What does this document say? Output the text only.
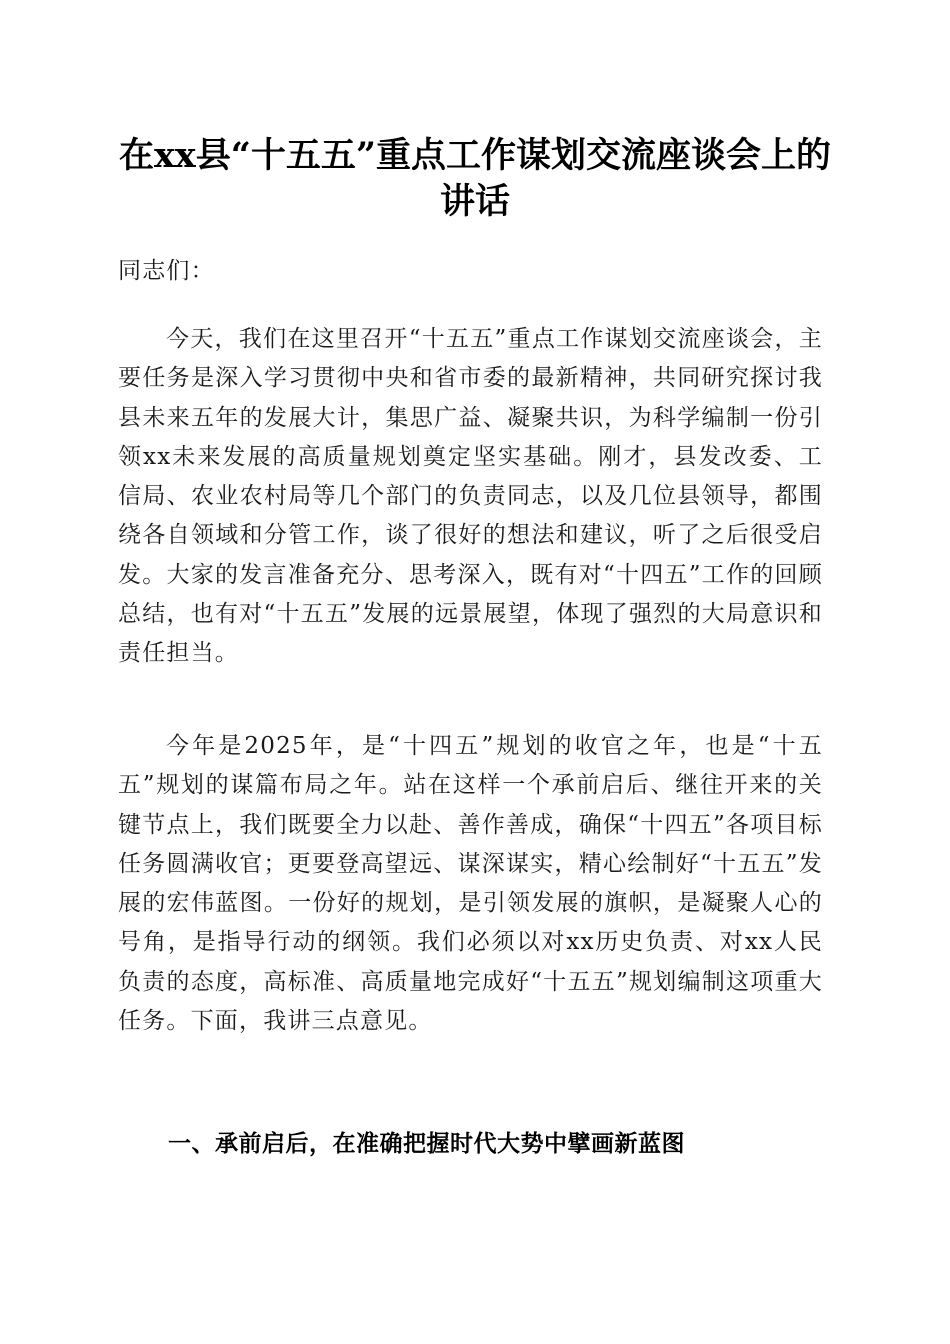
在xx县“十五五”重点工作谋划交流座谈会上的讲话

同志们：

今天，我们在这里召开“十五五”重点工作谋划交流座谈会，主要任务是深入学习贯彻中央和省市委的最新精神，共同研究探讨我县未来五年的发展大计，集思广益、凝聚共识，为科学编制一份引领xx未来发展的高质量规划奠定坚实基础。刚才，县发改委、工信局、农业农村局等几个部门的负责同志，以及几位县领导，都围绕各自领域和分管工作，谈了很好的想法和建议，听了之后很受启发。大家的发言准备充分、思考深入，既有对“十四五”工作的回顾总结，也有对“十五五”发展的远景展望，体现了强烈的大局意识和责任担当。

今年是2025年，是“十四五”规划的收官之年，也是“十五五”规划的谋篇布局之年。站在这样一个承前启后、继往开来的关键节点上，我们既要全力以赴、善作善成，确保“十四五”各项目标任务圆满收官；更要登高望远、谋深谋实，精心绘制好“十五五”发展的宏伟蓝图。一份好的规划，是引领发展的旗帜，是凝聚人心的号角，是指导行动的纲领。我们必须以对xx历史负责、对xx人民负责的态度，高标准、高质量地完成好“十五五”规划编制这项重大任务。下面，我讲三点意见。

一、承前启后，在准确把握时代大势中擘画新蓝图
